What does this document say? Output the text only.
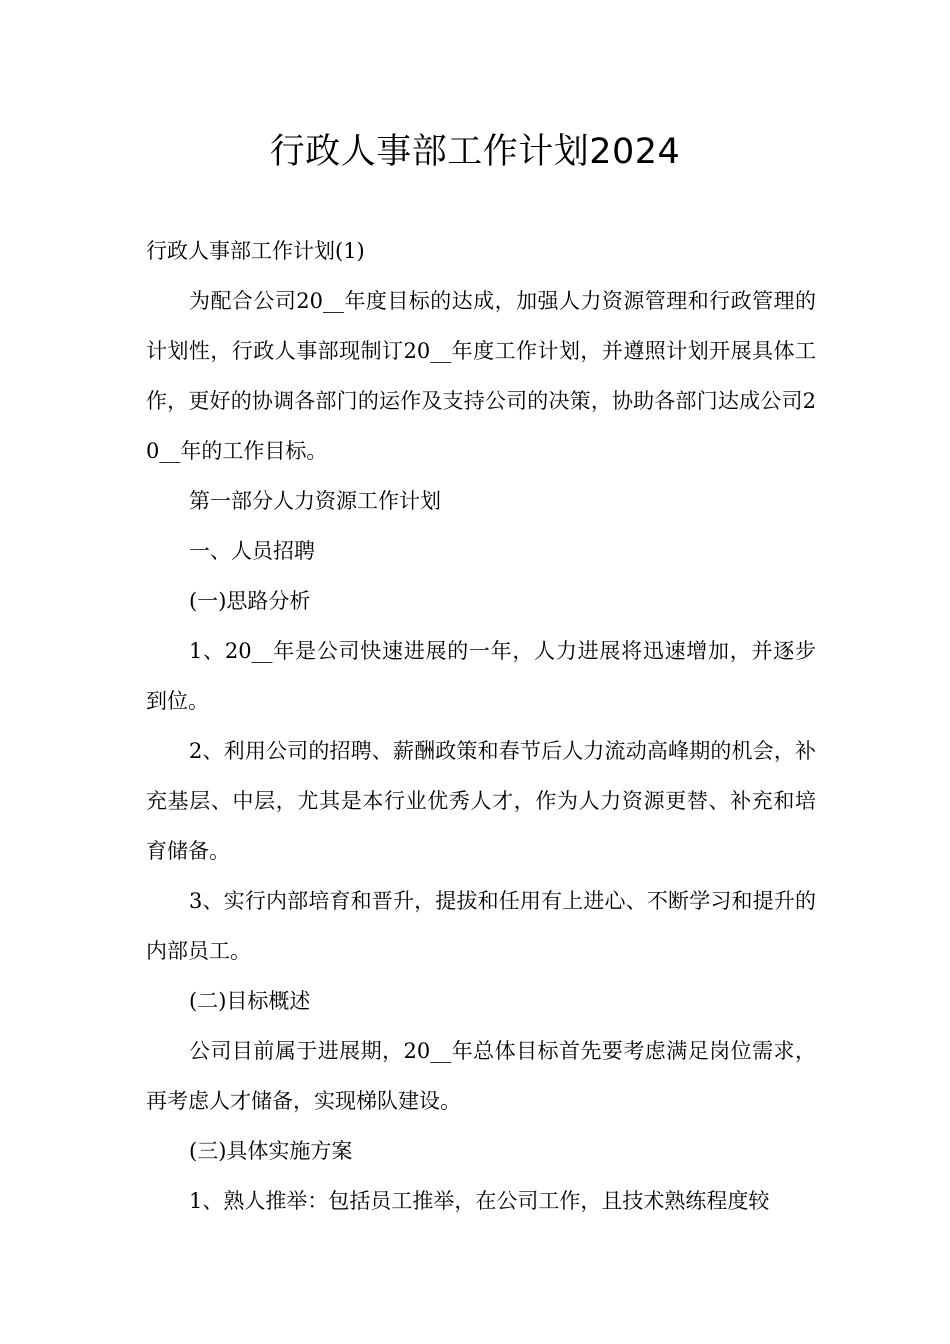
行政人事部工作计划2024

行政人事部工作计划(1)

为配合公司20__年度目标的达成，加强人力资源管理和行政管理的计划性，行政人事部现制订20__年度工作计划，并遵照计划开展具体工作，更好的协调各部门的运作及支持公司的决策，协助各部门达成公司20__年的工作目标。

第一部分人力资源工作计划

一、人员招聘

(一)思路分析

1、20__年是公司快速进展的一年，人力进展将迅速增加，并逐步到位。

2、利用公司的招聘、薪酬政策和春节后人力流动高峰期的机会，补充基层、中层，尤其是本行业优秀人才，作为人力资源更替、补充和培育储备。

3、实行内部培育和晋升，提拔和任用有上进心、不断学习和提升的内部员工。

(二)目标概述

公司目前属于进展期，20__年总体目标首先要考虑满足岗位需求，再考虑人才储备，实现梯队建设。

(三)具体实施方案

1、熟人推举：包括员工推举，在公司工作，且技术熟练程度较
